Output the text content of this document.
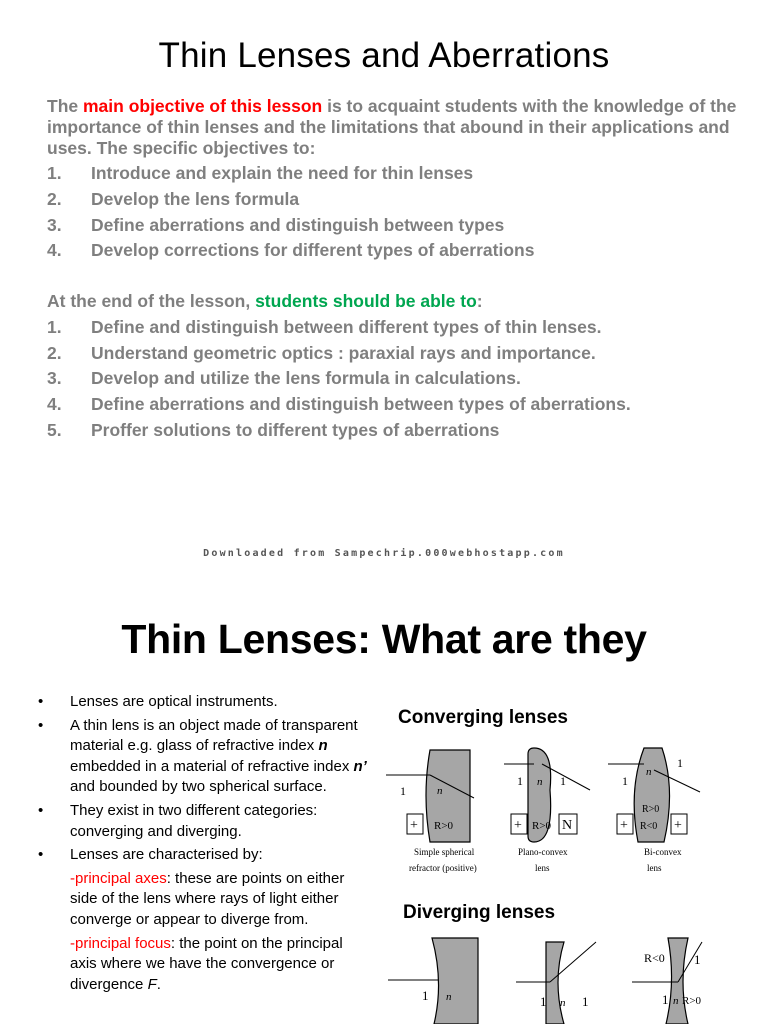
Thin Lenses and Aberrations
The main objective of this lesson is to acquaint students with the knowledge of the importance of thin lenses and the limitations that abound in their applications and uses. The specific objectives to:
1. Introduce and explain the need for thin lenses
2. Develop the lens formula
3. Define aberrations and distinguish between types
4. Develop corrections for different types of aberrations
At the end of the lesson, students should be able to:
1. Define and distinguish between different types of thin lenses.
2. Understand geometric optics : paraxial rays and importance.
3. Develop and utilize the lens formula in calculations.
4. Define aberrations and distinguish between types of aberrations.
5. Proffer solutions to different types of aberrations
Downloaded from Sampechrip.000webhostapp.com
Thin Lenses: What are they
• Lenses are optical instruments.
• A thin lens is an object made of transparent material e.g. glass of refractive index n embedded in a material of refractive index n’ and bounded by two spherical surface.
• They exist in two different categories: converging and diverging.
• Lenses are characterised by:
-principal axes: these are points on either side of the lens where rays of light either converge or appear to diverge from.
-principal focus: the point on the principal axis where we have the convergence or divergence F.
Converging lenses
Diverging lenses
1	n
+ R>0
Simple spherical
refractor (positive)
1 n 1
+ R>0 N
Plano-convex
lens
1
n
1
R>0
+ R<0 +
Bi-convex
lens
1 n	1 n 1
R<0 1
1 n R>0
